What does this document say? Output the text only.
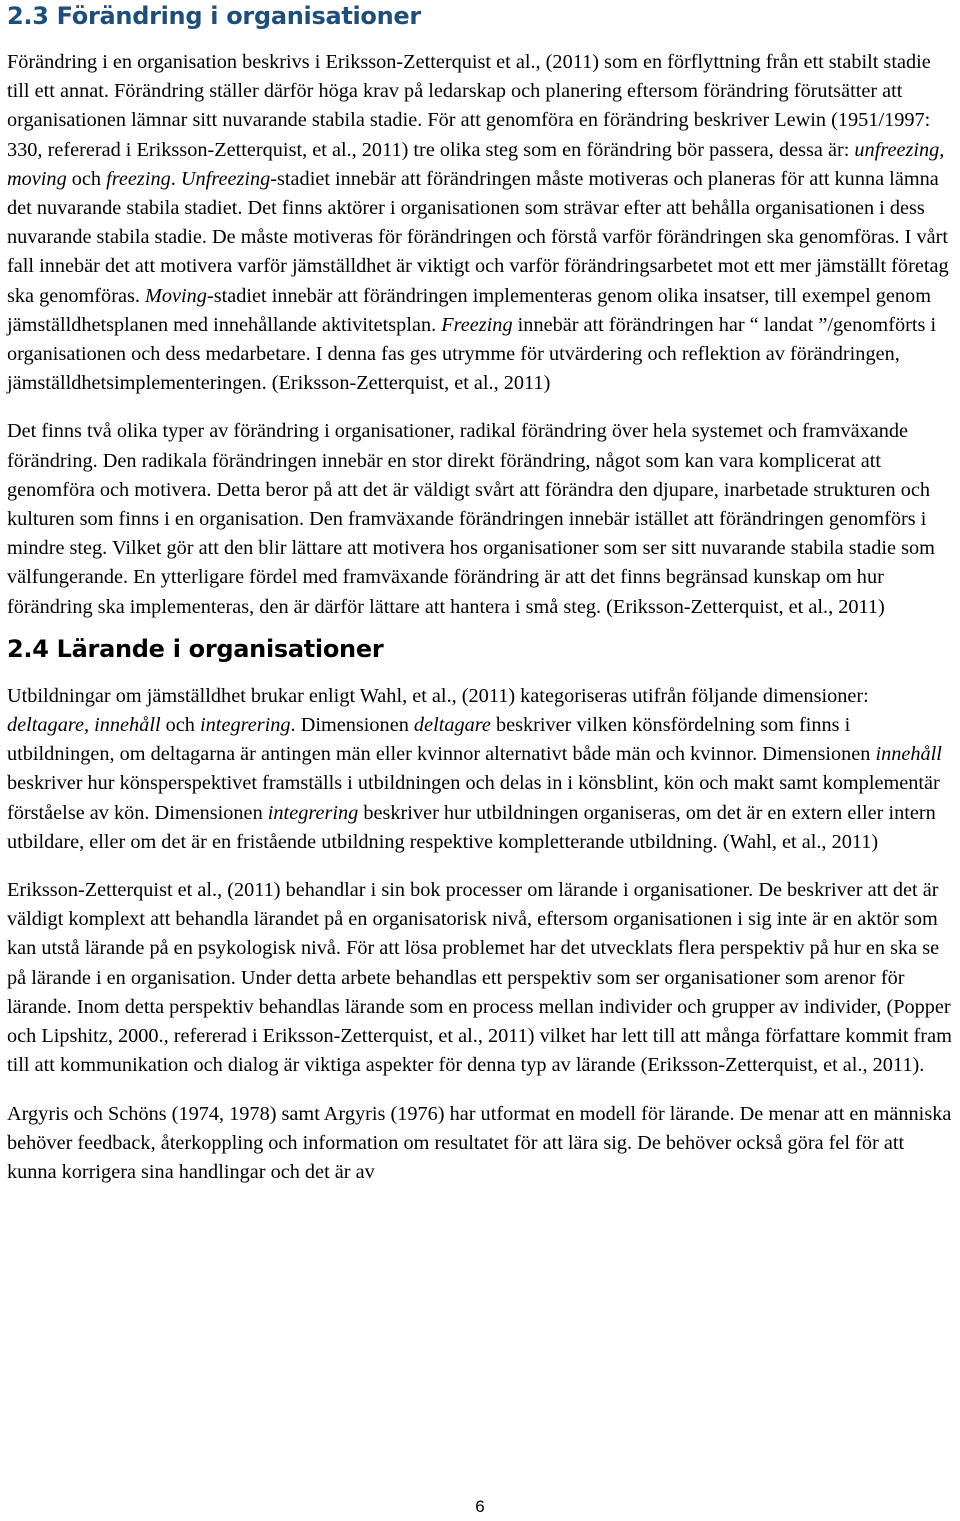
2.3 Förändring i organisationer

Förändring i en organisation beskrivs i Eriksson-Zetterquist et al., (2011) som en förflyttning från ett stabilt stadie till ett annat. Förändring ställer därför höga krav på ledarskap och planering eftersom förändring förutsätter att organisationen lämnar sitt nuvarande stabila stadie. För att genomföra en förändring beskriver Lewin (1951/1997: 330, refererad i Eriksson-Zetterquist, et al., 2011) tre olika steg som en förändring bör passera, dessa är: unfreezing, moving och freezing. Unfreezing-stadiet innebär att förändringen måste motiveras och planeras för att kunna lämna det nuvarande stabila stadiet. Det finns aktörer i organisationen som strävar efter att behålla organisationen i dess nuvarande stabila stadie. De måste motiveras för förändringen och förstå varför förändringen ska genomföras. I vårt fall innebär det att motivera varför jämställdhet är viktigt och varför förändringsarbetet mot ett mer jämställt företag ska genomföras. Moving-stadiet innebär att förändringen implementeras genom olika insatser, till exempel genom jämställdhetsplanen med innehållande aktivitetsplan. Freezing innebär att förändringen har “ landat ”/genomförts i organisationen och dess medarbetare. I denna fas ges utrymme för utvärdering och reflektion av förändringen, jämställdhetsimplementeringen. (Eriksson-Zetterquist, et al., 2011)

Det finns två olika typer av förändring i organisationer, radikal förändring över hela systemet och framväxande förändring. Den radikala förändringen innebär en stor direkt förändring, något som kan vara komplicerat att genomföra och motivera. Detta beror på att det är väldigt svårt att förändra den djupare, inarbetade strukturen och kulturen som finns i en organisation. Den framväxande förändringen innebär istället att förändringen genomförs i mindre steg. Vilket gör att den blir lättare att motivera hos organisationer som ser sitt nuvarande stabila stadie som välfungerande. En ytterligare fördel med framväxande förändring är att det finns begränsad kunskap om hur förändring ska implementeras, den är därför lättare att hantera i små steg. (Eriksson-Zetterquist, et al., 2011)

2.4 Lärande i organisationer

Utbildningar om jämställdhet brukar enligt Wahl, et al., (2011) kategoriseras utifrån följande dimensioner: deltagare, innehåll och integrering. Dimensionen deltagare beskriver vilken könsfördelning som finns i utbildningen, om deltagarna är antingen män eller kvinnor alternativt både män och kvinnor. Dimensionen innehåll beskriver hur könsperspektivet framställs i utbildningen och delas in i könsblint, kön och makt samt komplementär förståelse av kön. Dimensionen integrering beskriver hur utbildningen organiseras, om det är en extern eller intern utbildare, eller om det är en fristående utbildning respektive kompletterande utbildning. (Wahl, et al., 2011)

Eriksson-Zetterquist et al., (2011) behandlar i sin bok processer om lärande i organisationer. De beskriver att det är väldigt komplext att behandla lärandet på en organisatorisk nivå, eftersom organisationen i sig inte är en aktör som kan utstå lärande på en psykologisk nivå. För att lösa problemet har det utvecklats flera perspektiv på hur en ska se på lärande i en organisation. Under detta arbete behandlas ett perspektiv som ser organisationer som arenor för lärande. Inom detta perspektiv behandlas lärande som en process mellan individer och grupper av individer, (Popper och Lipshitz, 2000., refererad i Eriksson-Zetterquist, et al., 2011) vilket har lett till att många författare kommit fram till att kommunikation och dialog är viktiga aspekter för denna typ av lärande (Eriksson-Zetterquist, et al., 2011).

Argyris och Schöns (1974, 1978) samt Argyris (1976) har utformat en modell för lärande. De menar att en människa behöver feedback, återkoppling och information om resultatet för att lära sig. De behöver också göra fel för att kunna korrigera sina handlingar och det är av

6
